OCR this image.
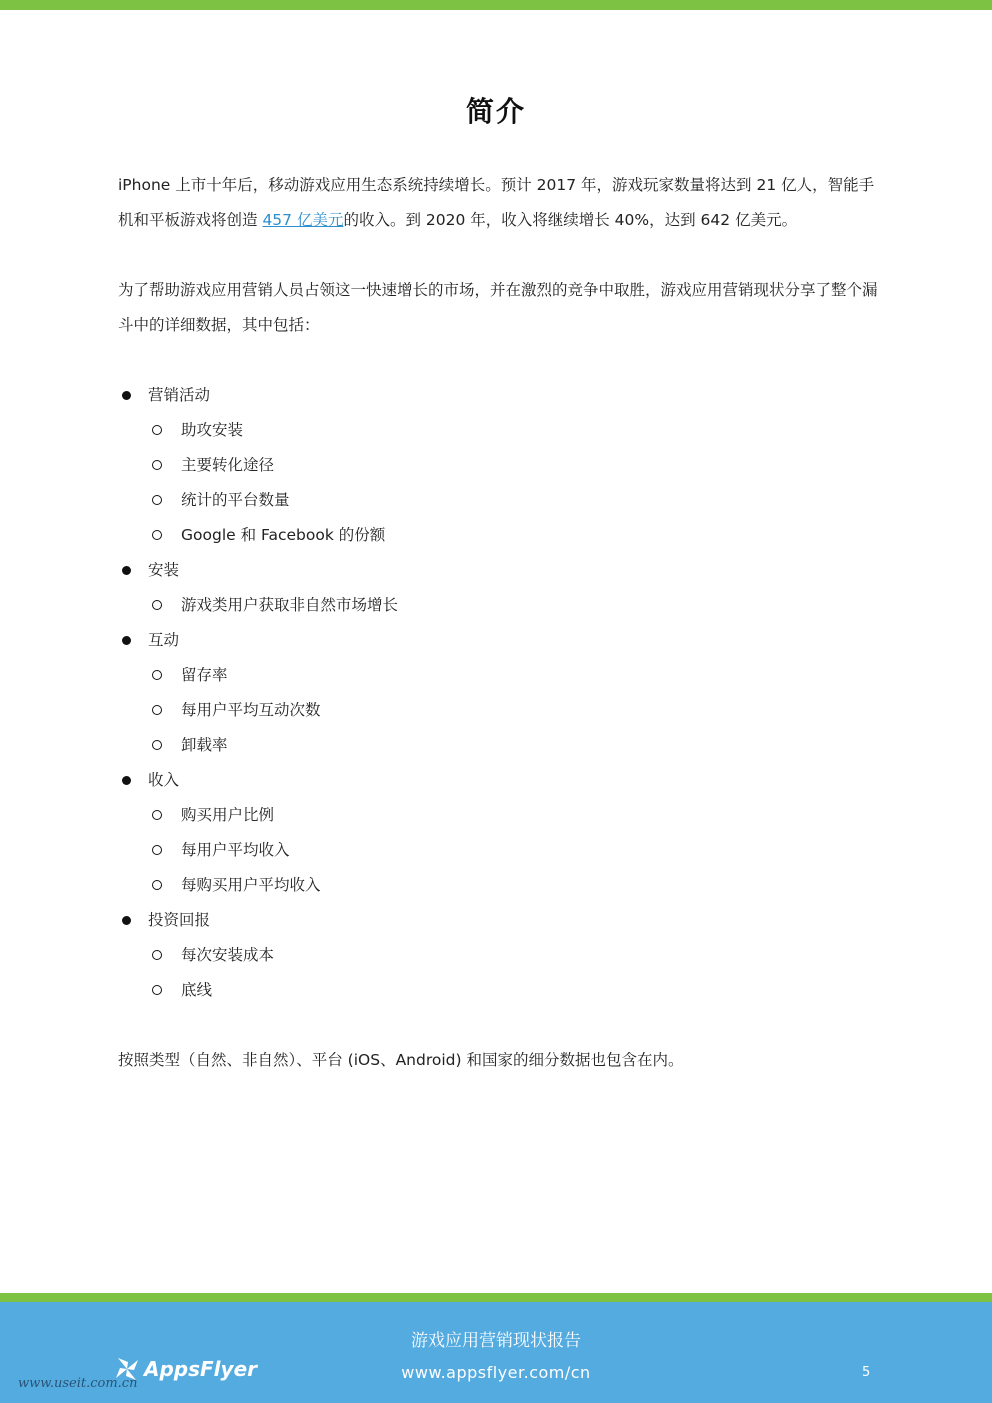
简介

iPhone 上市十年后，移动游戏应用生态系统持续增长。预计 2017 年，游戏玩家数量将达到 21 亿人，智能手机和平板游戏将创造 457 亿美元的收入。到 2020 年，收入将继续增长 40%，达到 642 亿美元。

为了帮助游戏应用营销人员占领这一快速增长的市场，并在激烈的竞争中取胜，游戏应用营销现状分享了整个漏斗中的详细数据，其中包括：

营销活动
助攻安装
主要转化途径
统计的平台数量
Google 和 Facebook 的份额
安装
游戏类用户获取非自然市场增长
互动
留存率
每用户平均互动次数
卸载率
收入
购买用户比例
每用户平均收入
每购买用户平均收入
投资回报
每次安装成本
底线

按照类型（自然、非自然）、平台 (iOS、Android) 和国家的细分数据也包含在内。

游戏应用营销现状报告
www.appsflyer.com/cn	5
AppsFlyer
www.useit.com.cn
